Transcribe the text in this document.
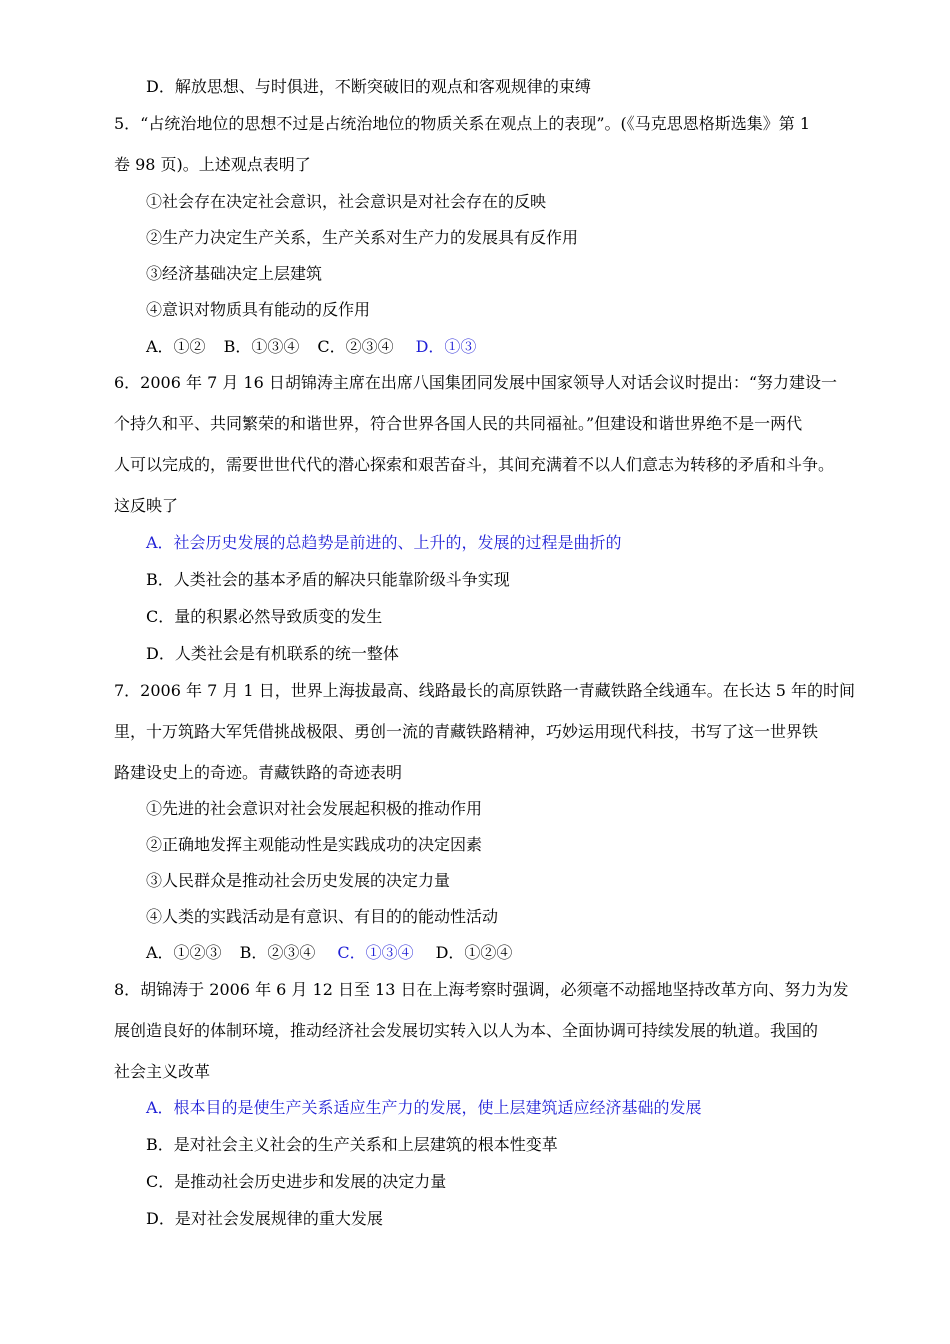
D．解放思想、与时俱进，不断突破旧的观点和客观规律的束缚
5．“占统治地位的思想不过是占统治地位的物质关系在观点上的表现”。(《马克思恩格斯选集》第 1
卷 98 页)。上述观点表明了
①社会存在决定社会意识，社会意识是对社会存在的反映
②生产力决定生产关系，生产关系对生产力的发展具有反作用
③经济基础决定上层建筑
④意识对物质具有能动的反作用
A．①② B．①③④ C．②③④ D．①③
6．2006 年 7 月 16 日胡锦涛主席在出席八国集团同发展中国家领导人对话会议时提出：“努力建设一
个持久和平、共同繁荣的和谐世界，符合世界各国人民的共同福祉。”但建设和谐世界绝不是一两代
人可以完成的，需要世世代代的潜心探索和艰苦奋斗，其间充满着不以人们意志为转移的矛盾和斗争。
这反映了
A．社会历史发展的总趋势是前进的、上升的，发展的过程是曲折的
B．人类社会的基本矛盾的解决只能靠阶级斗争实现
C．量的积累必然导致质变的发生
D．人类社会是有机联系的统一整体
7．2006 年 7 月 1 日，世界上海拔最高、线路最长的高原铁路一青藏铁路全线通车。在长达 5 年的时间
里，十万筑路大军凭借挑战极限、勇创一流的青藏铁路精神，巧妙运用现代科技，书写了这一世界铁
路建设史上的奇迹。青藏铁路的奇迹表明
①先进的社会意识对社会发展起积极的推动作用
②正确地发挥主观能动性是实践成功的决定因素
③人民群众是推动社会历史发展的决定力量
④人类的实践活动是有意识、有目的的能动性活动
A．①②③ B．②③④ C．①③④ D．①②④
8．胡锦涛于 2006 年 6 月 12 日至 13 日在上海考察时强调，必须毫不动摇地坚持改革方向、努力为发
展创造良好的体制环境，推动经济社会发展切实转入以人为本、全面协调可持续发展的轨道。我国的
社会主义改革
A．根本目的是使生产关系适应生产力的发展，使上层建筑适应经济基础的发展
B．是对社会主义社会的生产关系和上层建筑的根本性变革
C．是推动社会历史进步和发展的决定力量
D．是对社会发展规律的重大发展
